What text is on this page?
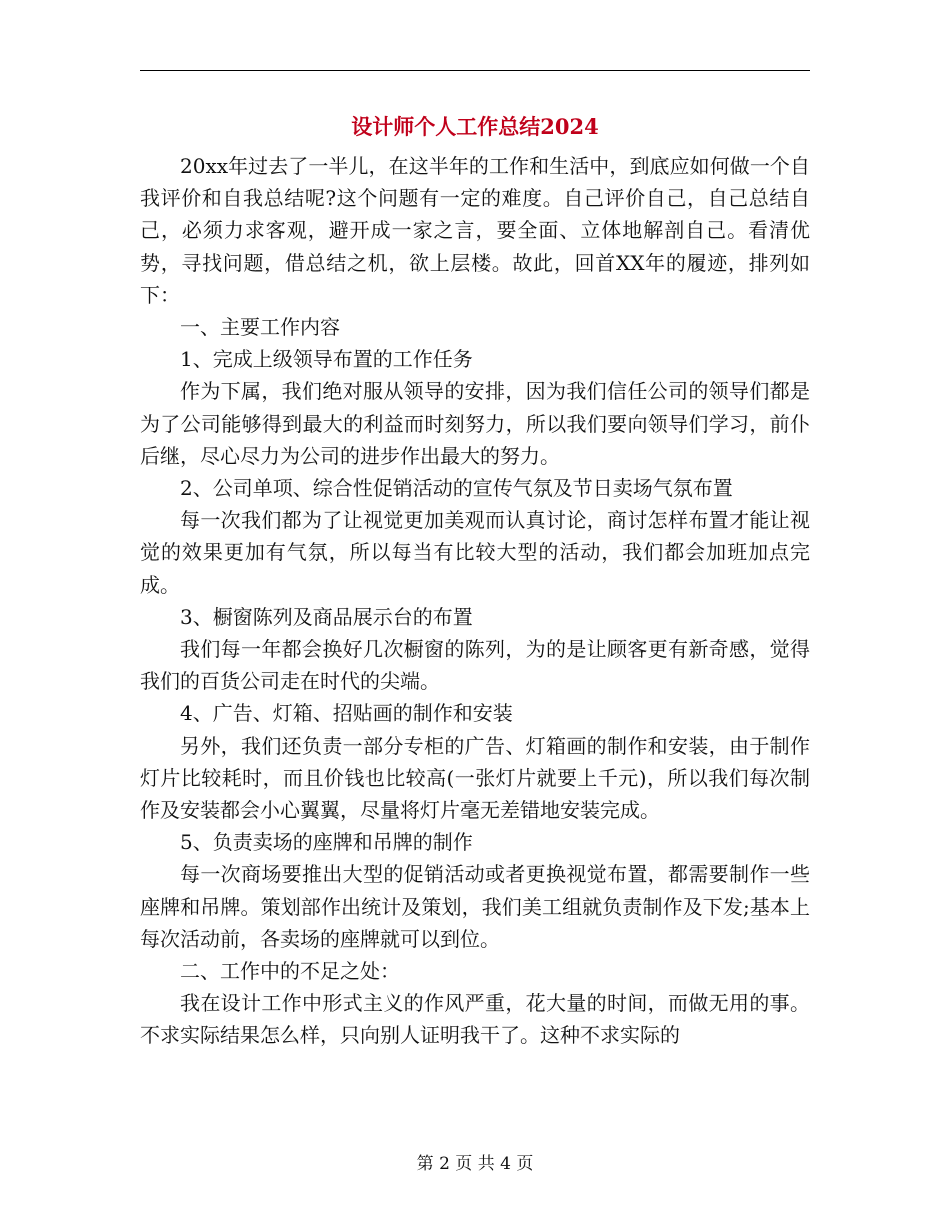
设计师个人工作总结2024

20xx年过去了一半儿，在这半年的工作和生活中，到底应如何做一个自我评价和自我总结呢?这个问题有一定的难度。自己评价自己，自己总结自己，必须力求客观，避开成一家之言，要全面、立体地解剖自己。看清优势，寻找问题，借总结之机，欲上层楼。故此，回首XX年的履迹，排列如下：

一、主要工作内容

1、完成上级领导布置的工作任务

作为下属，我们绝对服从领导的安排，因为我们信任公司的领导们都是为了公司能够得到最大的利益而时刻努力，所以我们要向领导们学习，前仆后继，尽心尽力为公司的进步作出最大的努力。

2、公司单项、综合性促销活动的宣传气氛及节日卖场气氛布置

每一次我们都为了让视觉更加美观而认真讨论，商讨怎样布置才能让视觉的效果更加有气氛，所以每当有比较大型的活动，我们都会加班加点完成。

3、橱窗陈列及商品展示台的布置

我们每一年都会换好几次橱窗的陈列，为的是让顾客更有新奇感，觉得我们的百货公司走在时代的尖端。

4、广告、灯箱、招贴画的制作和安装

另外，我们还负责一部分专柜的广告、灯箱画的制作和安装，由于制作灯片比较耗时，而且价钱也比较高(一张灯片就要上千元)，所以我们每次制作及安装都会小心翼翼，尽量将灯片毫无差错地安装完成。

5、负责卖场的座牌和吊牌的制作

每一次商场要推出大型的促销活动或者更换视觉布置，都需要制作一些座牌和吊牌。策划部作出统计及策划，我们美工组就负责制作及下发;基本上每次活动前，各卖场的座牌就可以到位。

二、工作中的不足之处：

我在设计工作中形式主义的作风严重，花大量的时间，而做无用的事。不求实际结果怎么样，只向别人证明我干了。这种不求实际的

第 2 页 共 4 页
